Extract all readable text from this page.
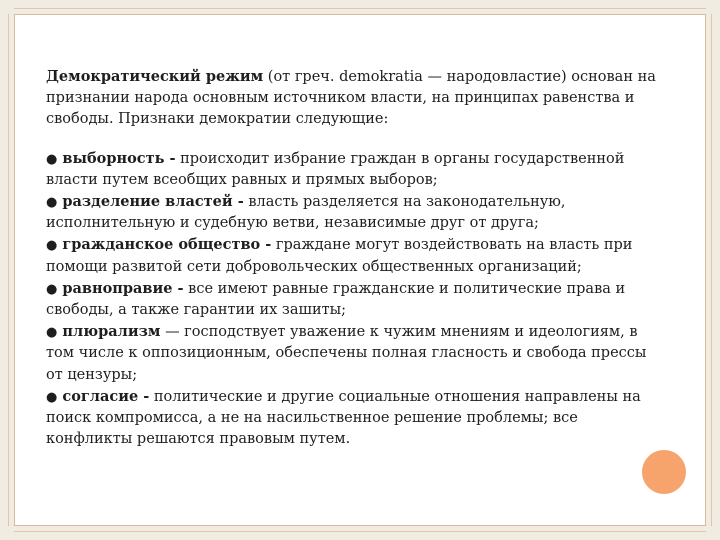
Демократический режим (от греч. demokratia — народовластие) основан на признании народа основным источником власти, на принципах равенства и свободы. Признаки демократии следующие:

● выборность - происходит избрание граждан в органы государственной власти путем всеобщих равных и прямых выборов;

● разделение властей - власть разделяется на законодательную, исполнительную и судебную ветви, независимые друг от друга;

● гражданское общество - граждане могут воздействовать на власть при помощи развитой сети добровольческих общественных организаций;

● равноправие - все имеют равные гражданские и политические права и свободы, а также гарантии их зашиты;

● плюрализм — господствует уважение к чужим мнениям и идеологиям, в том числе к оппозиционным, обеспечены полная гласность и свобода прессы от цензуры;

● согласие - политические и другие социальные отношения направлены на поиск компромисса, а не на насильственное решение проблемы; все конфликты решаются правовым путем.
